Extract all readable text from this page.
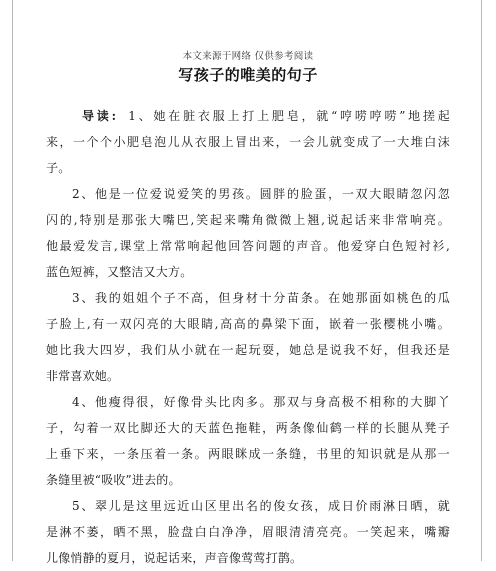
本文来源于网络 仅供参考阅读
写孩子的唯美的句子
导读: 1、她在脏衣服上打上肥皂，就“哼唠哼唠”地搓起
来，一个个小肥皂泡儿从衣服上冒出来，一会儿就变成了一大堆白沫
子。
2、他是一位爱说爱笑的男孩。圆胖的脸蛋，一双大眼睛忽闪忽
闪的,特别是那张大嘴巴,笑起来嘴角微微上翘,说起话来非常响亮。
他最爱发言,课堂上常常响起他回答问题的声音。他爱穿白色短衬衫,
蓝色短裤，又整洁又大方。
3、我的姐姐个子不高，但身材十分苗条。在她那面如桃色的瓜
子脸上,有一双闪亮的大眼睛,高高的鼻梁下面，嵌着一张樱桃小嘴。
她比我大四岁，我们从小就在一起玩耍，她总是说我不好，但我还是
非常喜欢她。
4、他瘦得很，好像骨头比肉多。那双与身高极不相称的大脚丫
子，勾着一双比脚还大的天蓝色拖鞋，两条像仙鹤一样的长腿从凳子
上垂下来，一条压着一条。两眼眯成一条缝，书里的知识就是从那一
条缝里被“吸收”进去的。
5、翠儿是这里远近山区里出名的俊女孩，成日价雨淋日晒，就
是淋不萎，晒不黑，脸盘白白净净，眉眼清清亮亮。一笑起来，嘴瓣
儿像悄静的夏月，说起话来，声音像莺莺打鹊。
